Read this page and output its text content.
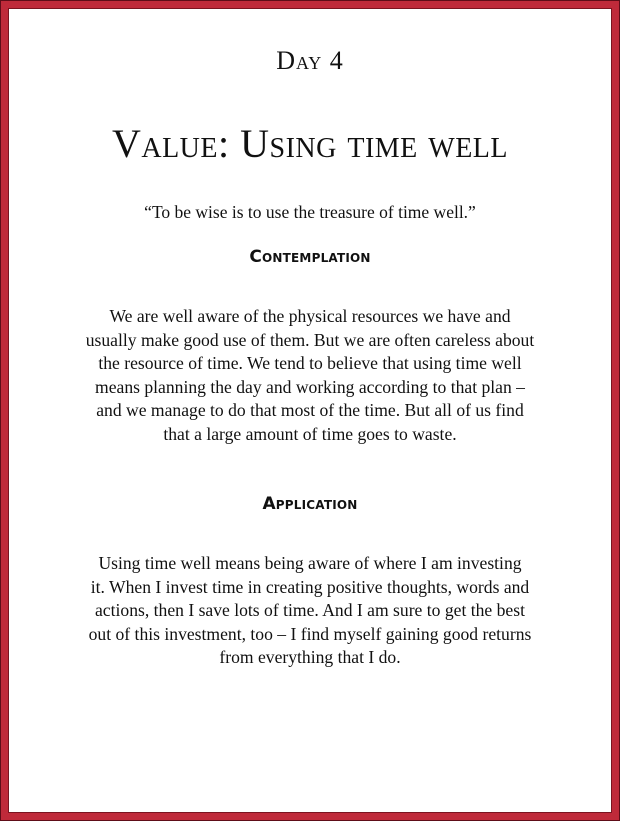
Day 4
Value: Using time well
“To be wise is to use the treasure of time well.”
Contemplation
We are well aware of the physical resources we have and
usually make good use of them. But we are often careless about
the resource of time. We tend to believe that using time well
means planning the day and working according to that plan –
and we manage to do that most of the time. But all of us find
that a large amount of time goes to waste.
Application
Using time well means being aware of where I am investing
it. When I invest time in creating positive thoughts, words and
actions, then I save lots of time. And I am sure to get the best
out of this investment, too – I find myself gaining good returns
from everything that I do.
